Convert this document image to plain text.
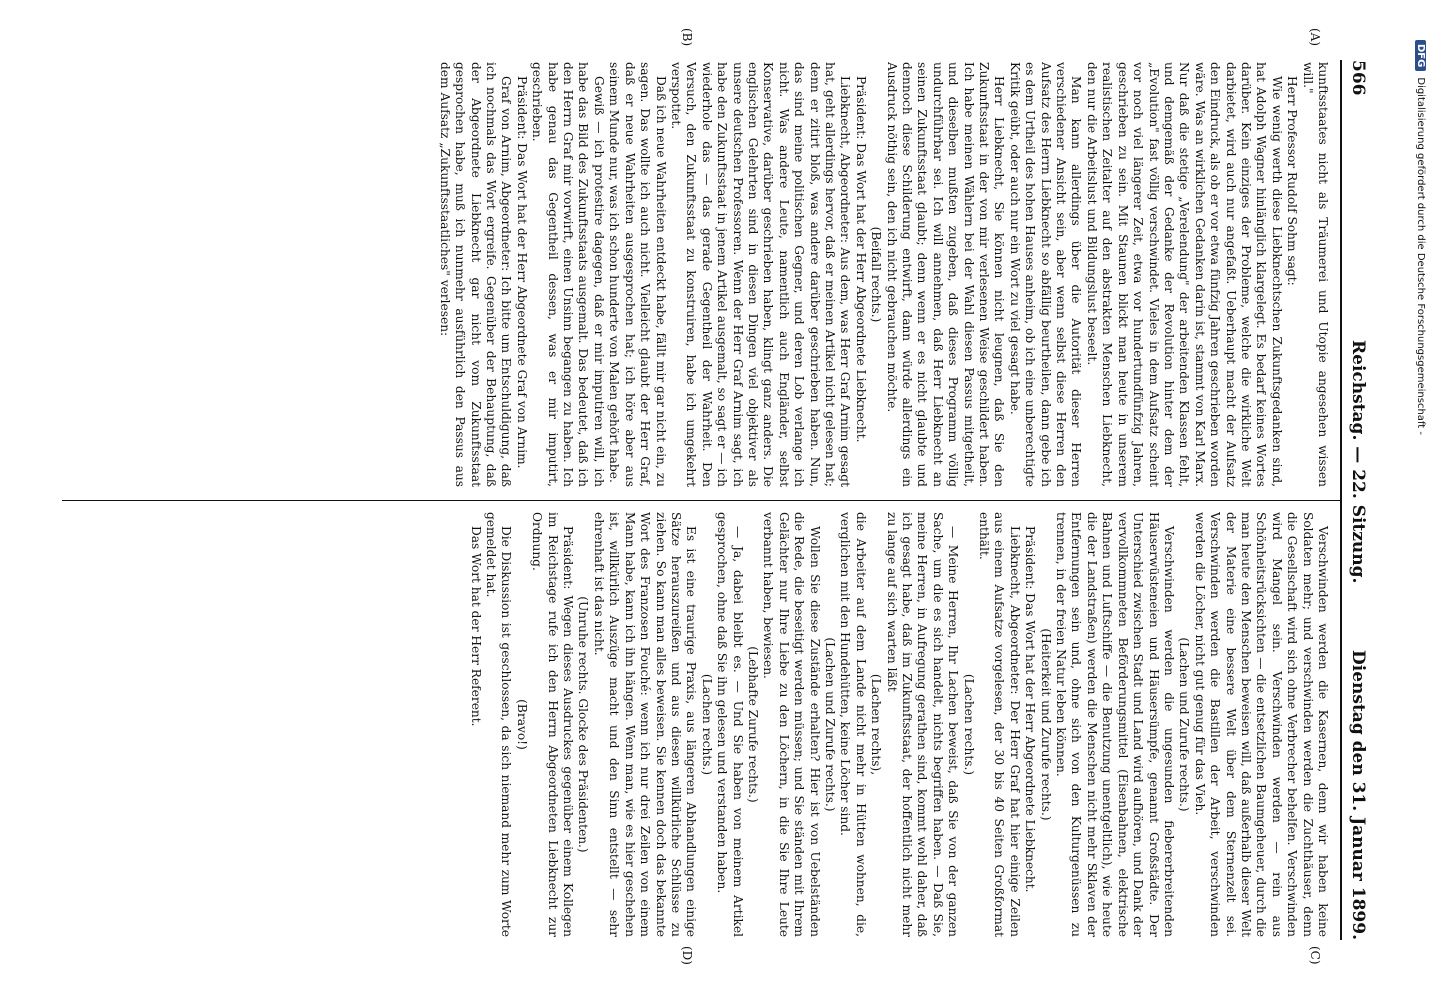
566
Reichstag. — 22. Sitzung.
Dienstag den 31. Januar 1899.
(A)
(B)
(C)
(D)

kunftsstaates nicht als Träumerei und Utopie angesehen wissen will."

Herr Professor Rudolf Sohm sagt:

Wie wenig werth diese Liebknechtschen Zukunftsgedanken sind, hat Adolph Wagner hinlänglich klargelegt. Es bedarf keines Wortes darüber. Kein einziges der Probleme, welche die wirkliche Welt darbietet, wird auch nur angefaßt. Ueberhaupt macht der Aufsatz den Eindruck, als ob er vor etwa fünfzig Jahren geschrieben worden wäre. Was an wirklichen Gedanken darin ist, stammt von Karl Marx. Nur daß die stetige „Verelendung" der arbeitenden Klassen fehlt, und demgemäß der Gedanke der Revolution hinter dem der „Evolution" fast völlig verschwindet. Vieles in dem Aufsatz scheint vor noch viel längerer Zeit, etwa vor hundertundfünfzig Jahren, geschrieben zu sein. Mit Staunen blickt man heute in unserem realistischen Zeitalter auf den abstrakten Menschen Liebknecht, den nur die Arbeitslust und Bildungslust beseelt.

Man kann allerdings über die Autorität dieser Herren verschiedener Ansicht sein, aber wenn selbst diese Herren den Aufsatz des Herrn Liebknecht so abfällig beurtheilen, dann gebe ich es dem Urtheil des hohen Hauses anheim, ob ich eine unberechtigte Kritik geübt, oder auch nur ein Wort zu viel gesagt habe.

Herr Liebknecht, Sie können nicht leugnen, daß Sie den Zukunftsstaat in der von mir verlesenen Weise geschildert haben. Ich habe meinen Wählern bei der Wahl diesen Passus mitgetheilt, und dieselben mußten zugeben, daß dieses Programm völlig undurchführbar sei. Ich will annehmen, daß Herr Liebknecht an seinen Zukunftsstaat glaubt; denn wenn er es nicht glaubte und dennoch diese Schilderung entwirft, dann würde allerdings ein Ausdruck nöthig sein, den ich nicht gebrauchen möchte.

(Beifall rechts.)

Präsident: Das Wort hat der Herr Abgeordnete Liebknecht.

Liebknecht, Abgeordneter: Aus dem, was Herr Graf Arnim gesagt hat, geht allerdings hervor, daß er meinen Artikel nicht gelesen hat; denn er zitirt bloß, was andere darüber geschrieben haben. Nun, das sind meine politischen Gegner, und deren Lob verlange ich nicht. Was andere Leute, namentlich auch Engländer, selbst Konservative, darüber geschrieben haben, klingt ganz anders. Die englischen Gelehrten sind in diesen Dingen viel objektiver als unsere deutschen Professoren. Wenn der Herr Graf Arnim sagt, ich habe den Zukunftsstaat in jenem Artikel ausgemalt, so sagt er — ich wiederhole das — das gerade Gegentheil der Wahrheit. Den Versuch, den Zukunftsstaat zu konstruiren, habe ich umgekehrt verspottet.

Daß ich neue Wahrheiten entdeckt habe, fällt mir gar nicht ein, zu sagen. Das wollte ich auch nicht. Vielleicht glaubt der Herr Graf, daß er neue Wahrheiten ausgesprochen hat; ich höre aber aus seinem Munde nur, was ich schon hunderte von Malen gehört habe.

Gewiß — ich protestire dagegen, daß er mir imputiren will, ich habe das Bild des Zukunftsstaats ausgemalt. Das bedeutet, daß ich den Herrn Graf mir vorwirft, einen Unsinn begangen zu haben. Ich habe genau das Gegentheil dessen, was er mir imputirt, geschrieben.

Präsident: Das Wort hat der Herr Abgeordnete Graf von Arnim.

Graf von Arnim, Abgeordneter: Ich bitte um Entschuldigung, daß ich nochmals das Wort ergreife. Gegenüber der Behauptung, daß der Abgeordnete Liebknecht gar nicht vom Zukunftsstaat gesprochen habe, muß ich nunmehr ausführlich den Passus aus dem Aufsatz „Zukunftsstaatliches" verlesen:

Verschwinden werden die Kasernen, denn wir haben keine Soldaten mehr; und verschwinden werden die Zuchthäuser, denn die Gesellschaft wird sich ohne Verbrecher behelfen. Verschwinden wird Mangel sein. Verschwinden werden — rein aus Schönheitsrücksichten — die entsetzlichen Baumgeheuer, durch die man heute den Menschen beweisen will, daß außerhalb dieser Welt der Materie eine bessere Welt über dem Sternenzelt sei. Verschwinden werden die Bastillen der Arbeit, verschwinden werden die Löcher, nicht gut genug für das Vieh.

(Lachen und Zurufe rechts.)

Verschwinden werden die ungesunden fiebererbreitenden Häuserwüsteneien und Häusersümpfe, genannt Großstädte. Der Unterschied zwischen Stadt und Land wird aufhören, und Dank der vervollkommneten Beförderungsmittel (Eisenbahnen, elektrische Bahnen und Luftschiffe — die Benutzung unentgeltlich), wie heute die der Landstraßen) werden die Menschen nicht mehr Sklaven der Entfernungen sein und, ohne sich von den Kulturgenüssen zu trennen, in der freien Natur leben können.

(Heiterkeit und Zurufe rechts.)

Präsident: Das Wort hat der Herr Abgeordnete Liebknecht.

Liebknecht, Abgeordneter: Der Herr Graf hat hier einige Zeilen aus einem Aufsatze vorgelesen, der 30 bis 40 Seiten Großformat enthält.

(Lachen rechts.)

— Meine Herren, Ihr Lachen beweist, daß Sie von der ganzen Sache, um die es sich handelt, nichts begriffen haben. — Daß Sie, meine Herren, in Aufregung gerathen sind, kommt wohl daher, daß ich gesagt habe, daß im Zukunftsstaat, der hoffentlich nicht mehr zu lange auf sich warten läßt

(Lachen rechts),

die Arbeiter auf dem Lande nicht mehr in Hütten wohnen, die, verglichen mit den Hundehütten, keine Löcher sind.

(Lachen und Zurufe rechts.)

Wollen Sie diese Zustände erhalten? Hier ist von Uebelständen die Rede, die beseitigt werden müssen; und Sie ständen mit Ihrem Gelächter nur Ihre Liebe zu den Löchern, in die Sie Ihre Leute verbannt haben, bewiesen.

(Lebhafte Zurufe rechts.)

— Ja, dabei bleibt es. — Und Sie haben von meinem Artikel gesprochen, ohne daß Sie ihn gelesen und verstanden haben.

(Lachen rechts.)

Es ist eine traurige Praxis, aus längeren Abhandlungen einige Sätze herauszureißen und aus diesen willkürliche Schlüsse zu ziehen. So kann man alles beweisen. Sie kennen doch das bekannte Wort des Franzosen Fouché: wenn ich nur drei Zeilen von einem Mann habe, kann ich ihn hängen. Wenn man, wie es hier geschehen ist, willkürlich Auszüge macht und den Sinn entstellt — sehr ehrenhaft ist das nicht.

(Unruhe rechts. Glocke des Präsidenten.)

Präsident: Wegen dieses Ausdruckes gegenüber einem Kollegen im Reichstage rufe ich den Herrn Abgeordneten Liebknecht zur Ordnung.

(Bravo!)

Die Diskussion ist geschlossen, da sich niemand mehr zum Worte gemeldet hat.

Das Wort hat der Herr Referent.

DFGDigitalisierung gefördert durch die Deutsche Forschungsgemeinschaft -
